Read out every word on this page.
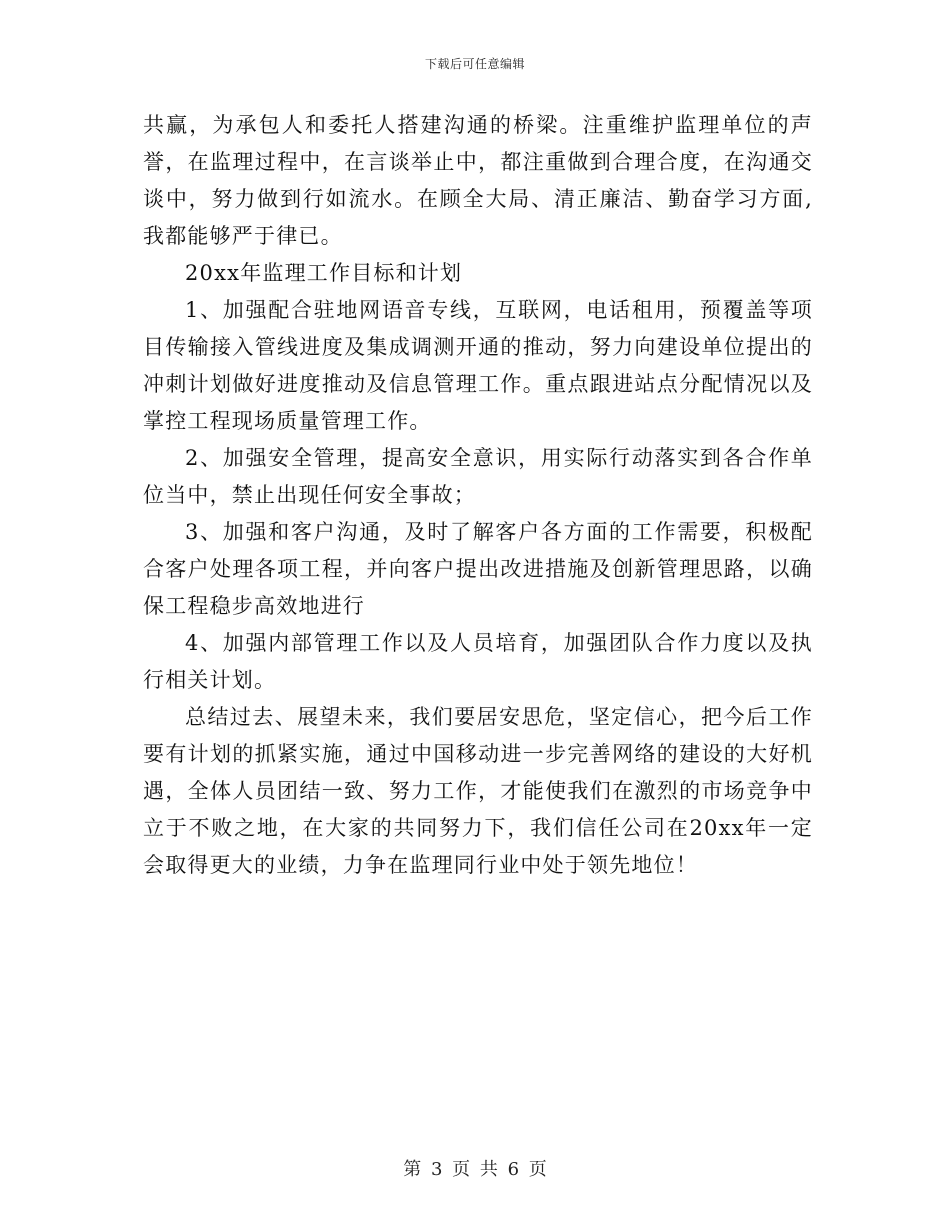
下载后可任意编辑

共赢，为承包人和委托人搭建沟通的桥梁。注重维护监理单位的声誉，在监理过程中，在言谈举止中，都注重做到合理合度，在沟通交谈中，努力做到行如流水。在顾全大局、清正廉洁、勤奋学习方面,我都能够严于律已。

20xx年监理工作目标和计划

1、加强配合驻地网语音专线，互联网，电话租用，预覆盖等项目传输接入管线进度及集成调测开通的推动，努力向建设单位提出的冲刺计划做好进度推动及信息管理工作。重点跟进站点分配情况以及掌控工程现场质量管理工作。

2、加强安全管理，提高安全意识，用实际行动落实到各合作单位当中，禁止出现任何安全事故；

3、加强和客户沟通，及时了解客户各方面的工作需要，积极配合客户处理各项工程，并向客户提出改进措施及创新管理思路，以确保工程稳步高效地进行

4、加强内部管理工作以及人员培育，加强团队合作力度以及执行相关计划。

总结过去、展望未来，我们要居安思危，坚定信心，把今后工作要有计划的抓紧实施，通过中国移动进一步完善网络的建设的大好机遇，全体人员团结一致、努力工作，才能使我们在激烈的市场竞争中立于不败之地，在大家的共同努力下，我们信任公司在20xx年一定会取得更大的业绩，力争在监理同行业中处于领先地位！

第 3 页 共 6 页
